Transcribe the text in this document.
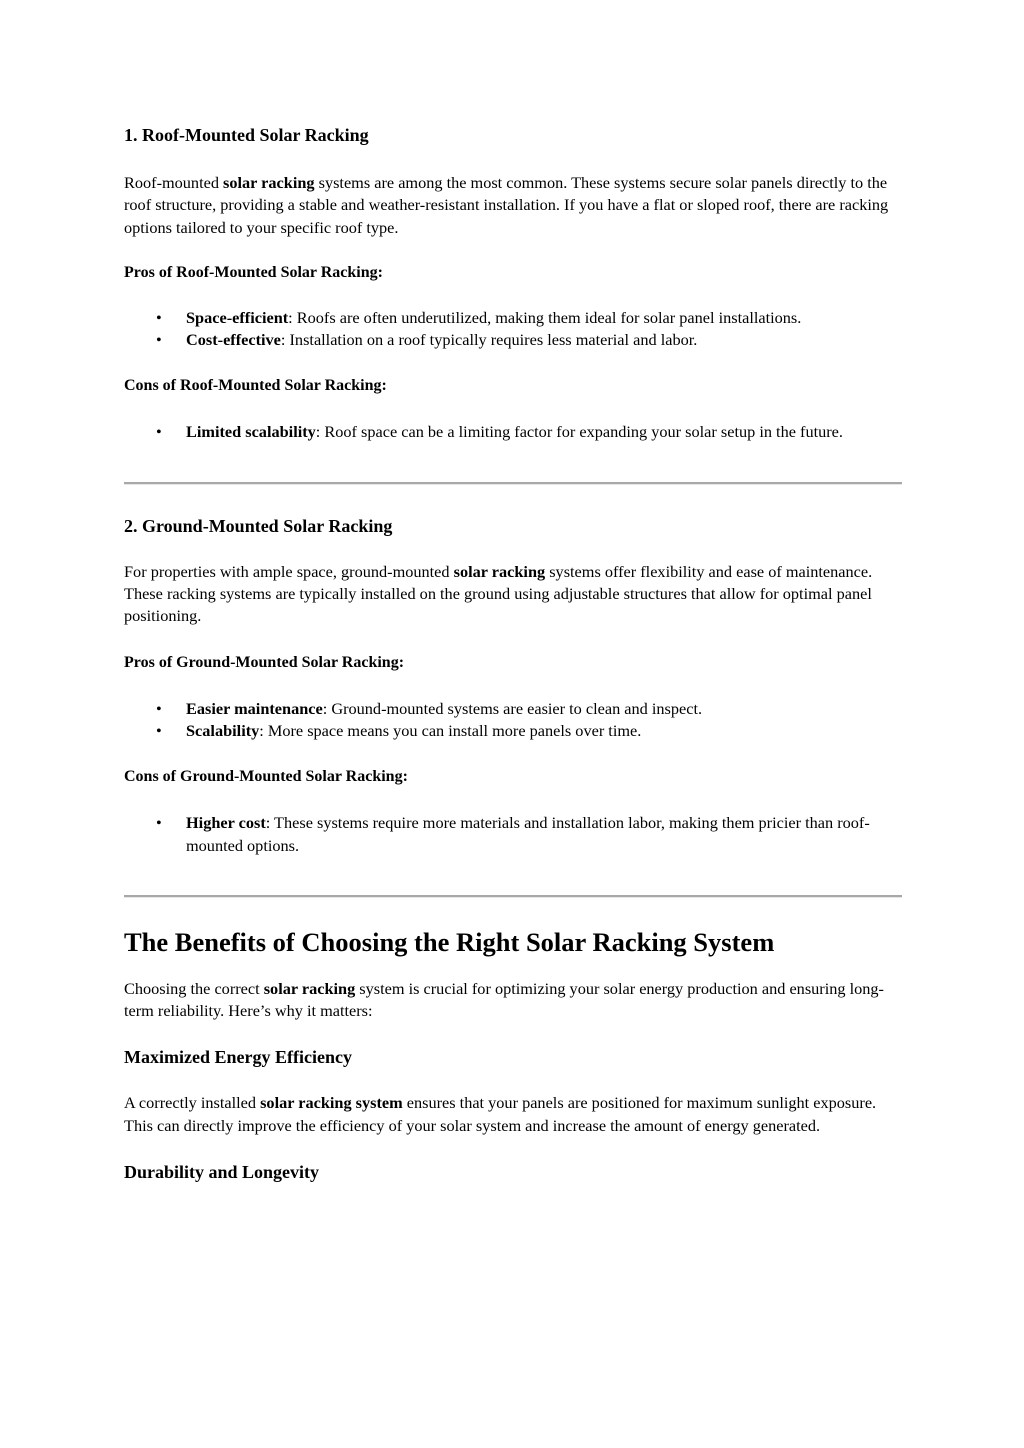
1. Roof-Mounted Solar Racking

Roof-mounted solar racking systems are among the most common. These systems secure solar panels directly to the roof structure, providing a stable and weather-resistant installation. If you have a flat or sloped roof, there are racking options tailored to your specific roof type.

Pros of Roof-Mounted Solar Racking:
• Space-efficient: Roofs are often underutilized, making them ideal for solar panel installations.
• Cost-effective: Installation on a roof typically requires less material and labor.
Cons of Roof-Mounted Solar Racking:
• Limited scalability: Roof space can be a limiting factor for expanding your solar setup in the future.
2. Ground-Mounted Solar Racking

For properties with ample space, ground-mounted solar racking systems offer flexibility and ease of maintenance. These racking systems are typically installed on the ground using adjustable structures that allow for optimal panel positioning.

Pros of Ground-Mounted Solar Racking:
• Easier maintenance: Ground-mounted systems are easier to clean and inspect.
• Scalability: More space means you can install more panels over time.
Cons of Ground-Mounted Solar Racking:
• Higher cost: These systems require more materials and installation labor, making them pricier than roof-mounted options.
The Benefits of Choosing the Right Solar Racking System

Choosing the correct solar racking system is crucial for optimizing your solar energy production and ensuring long-term reliability. Here’s why it matters:

Maximized Energy Efficiency

A correctly installed solar racking system ensures that your panels are positioned for maximum sunlight exposure. This can directly improve the efficiency of your solar system and increase the amount of energy generated.

Durability and Longevity
